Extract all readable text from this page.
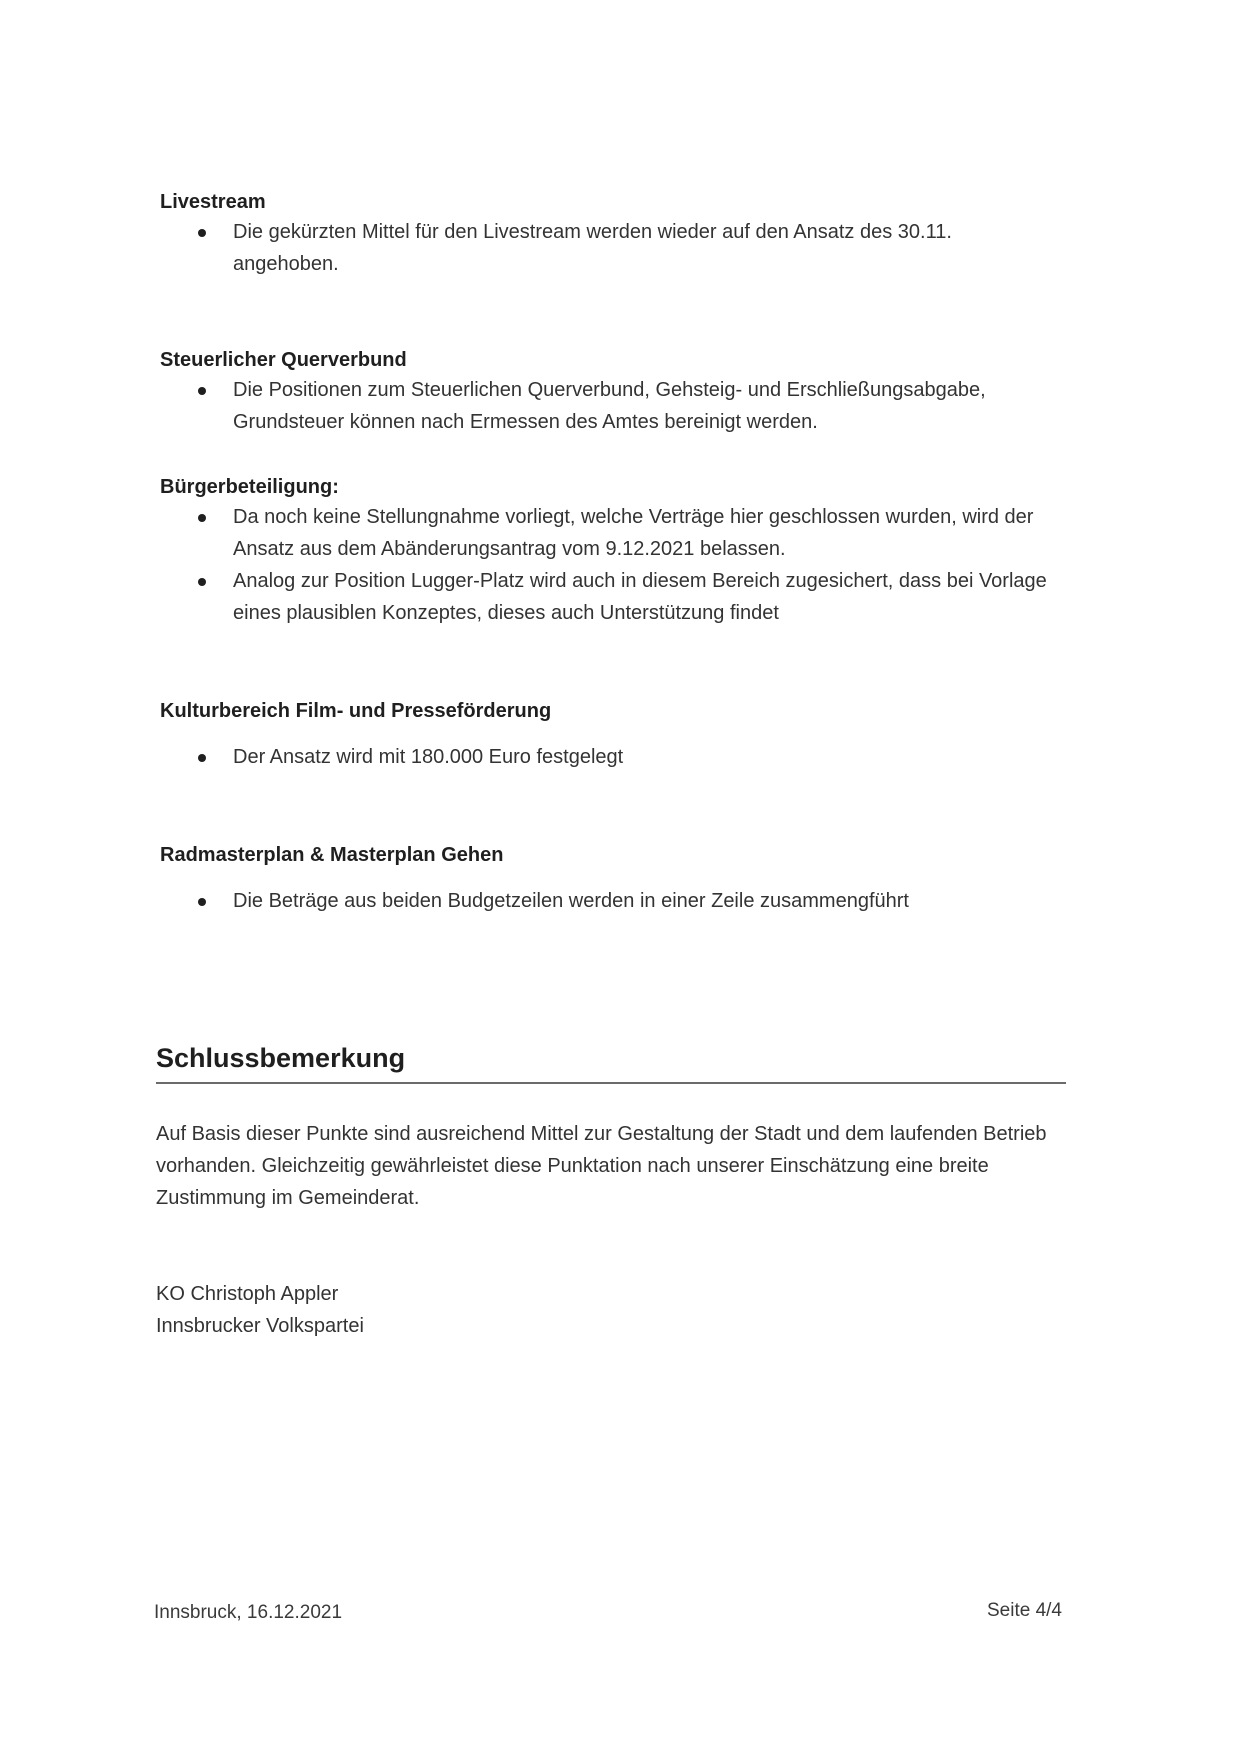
Livestream
Die gekürzten Mittel für den Livestream werden wieder auf den Ansatz des 30.11. angehoben.
Steuerlicher Querverbund
Die Positionen zum Steuerlichen Querverbund, Gehsteig- und Erschließungsabgabe, Grundsteuer können nach Ermessen des Amtes bereinigt werden.
Bürgerbeteiligung:
Da noch keine Stellungnahme vorliegt, welche Verträge hier geschlossen wurden, wird der Ansatz aus dem Abänderungsantrag vom 9.12.2021 belassen.
Analog zur Position Lugger-Platz wird auch in diesem Bereich zugesichert, dass bei Vorlage eines plausiblen Konzeptes, dieses auch Unterstützung findet
Kulturbereich Film- und Presseförderung
Der Ansatz wird mit 180.000 Euro festgelegt
Radmasterplan & Masterplan Gehen
Die Beträge aus beiden Budgetzeilen werden in einer Zeile zusammengführt
Schlussbemerkung

Auf Basis dieser Punkte sind ausreichend Mittel zur Gestaltung der Stadt und dem laufenden Betrieb vorhanden. Gleichzeitig gewährleistet diese Punktation nach unserer Einschätzung eine breite Zustimmung im Gemeinderat.

KO Christoph Appler
Innsbrucker Volkspartei
Innsbruck, 16.12.2021	Seite 4/4
